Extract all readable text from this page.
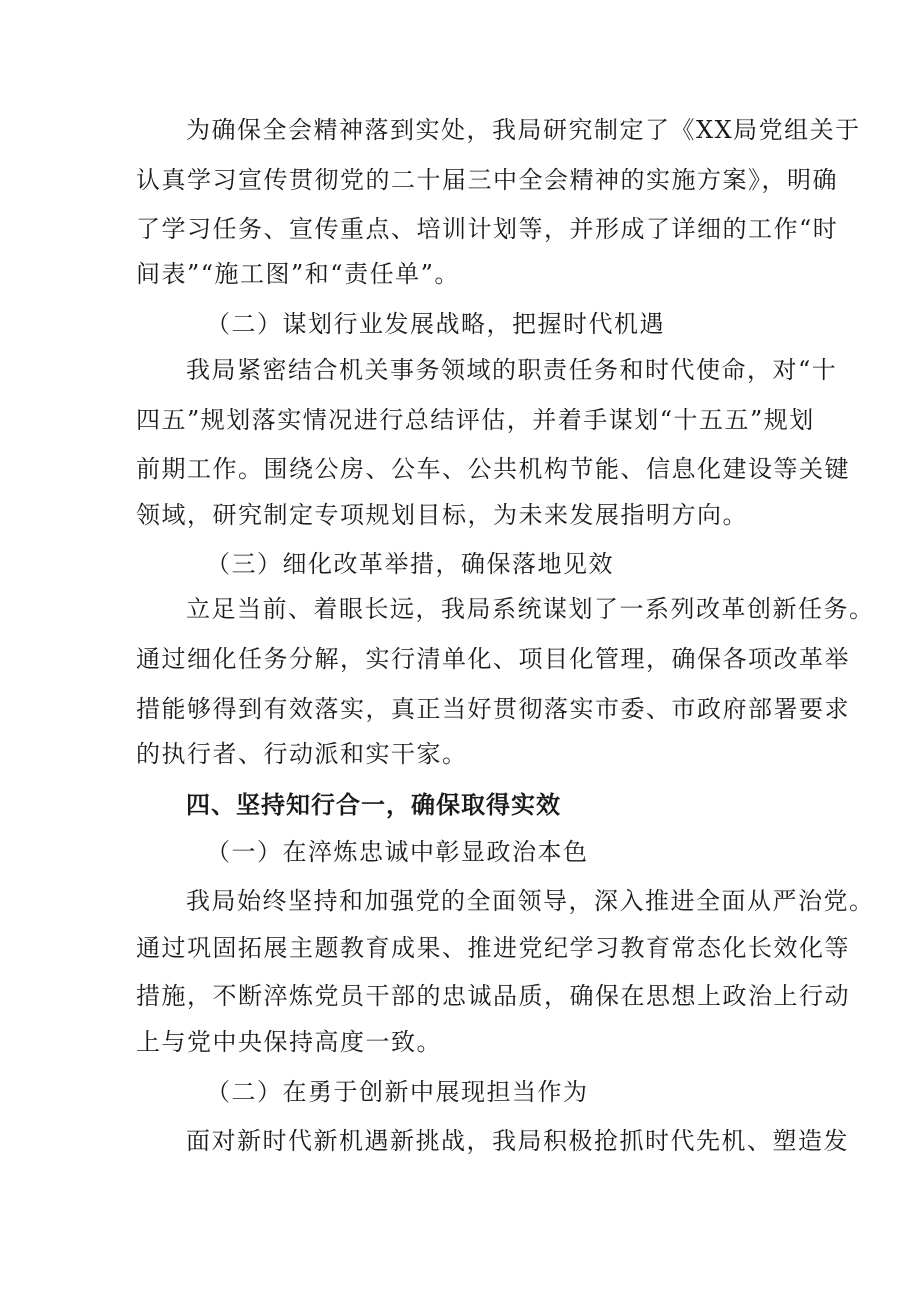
为确保全会精神落到实处，我局研究制定了《XX局党组关于
认真学习宣传贯彻党的二十届三中全会精神的实施方案》，明确
了学习任务、宣传重点、培训计划等，并形成了详细的工作“时
间表”“施工图”和“责任单”。
（二）谋划行业发展战略，把握时代机遇
我局紧密结合机关事务领域的职责任务和时代使命，对“十
四五”规划落实情况进行总结评估，并着手谋划“十五五”规划
前期工作。围绕公房、公车、公共机构节能、信息化建设等关键
领域，研究制定专项规划目标，为未来发展指明方向。
（三）细化改革举措，确保落地见效
立足当前、着眼长远，我局系统谋划了一系列改革创新任务。
通过细化任务分解，实行清单化、项目化管理，确保各项改革举
措能够得到有效落实，真正当好贯彻落实市委、市政府部署要求
的执行者、行动派和实干家。
四、坚持知行合一，确保取得实效
（一）在淬炼忠诚中彰显政治本色
我局始终坚持和加强党的全面领导，深入推进全面从严治党。
通过巩固拓展主题教育成果、推进党纪学习教育常态化长效化等
措施，不断淬炼党员干部的忠诚品质，确保在思想上政治上行动
上与党中央保持高度一致。
（二）在勇于创新中展现担当作为
面对新时代新机遇新挑战，我局积极抢抓时代先机、塑造发
